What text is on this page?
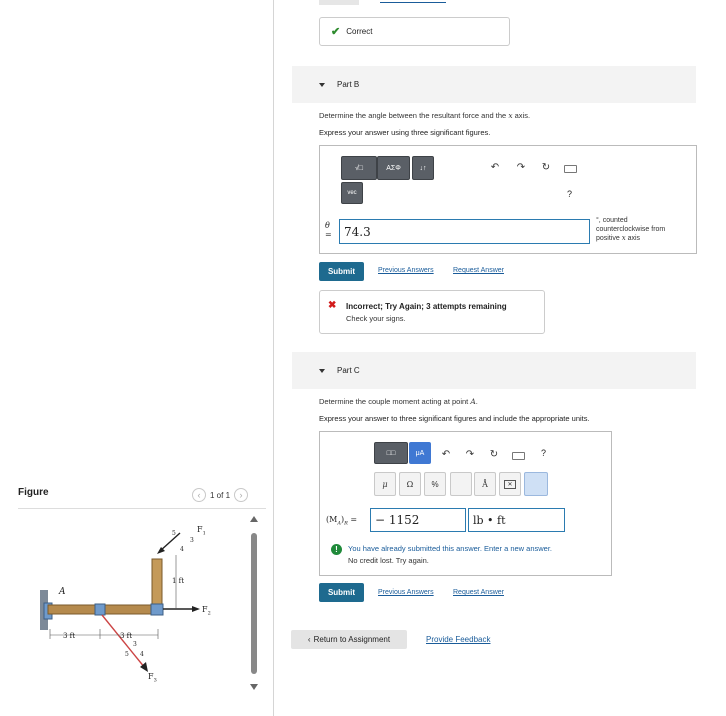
Figure	‹	1 of 1	›
A
$F_1$
$F_2$
$F_3$
3 ft	3 ft
1 ft
5
3
4
5
3
4
✔ Correct
Part B
Determine the angle between the resultant force and the x axis.
Express your answer using three significant figures.
√□	ΑΣΦ	↓↑
vec
↶ ↷ ↻
?
θ
=	74.3
°, counted
counterclockwise from
positive x axis
Submit	Previous Answers	Request Answer
✖ Incorrect; Try Again; 3 attempts remaining
Check your signs.
Part C
Determine the couple moment acting at point A.
Express your answer to three significant figures and include the appropriate units.
□□	μA ↶ ↷ ↻	?
μ Ω %	Å	✕
$(M_A)_R$ =	− 1152	lb • ft
!	You have already submitted this answer. Enter a new answer.
No credit lost. Try again.
Submit	Previous Answers	Request Answer
‹ Return to Assignment	Provide Feedback
